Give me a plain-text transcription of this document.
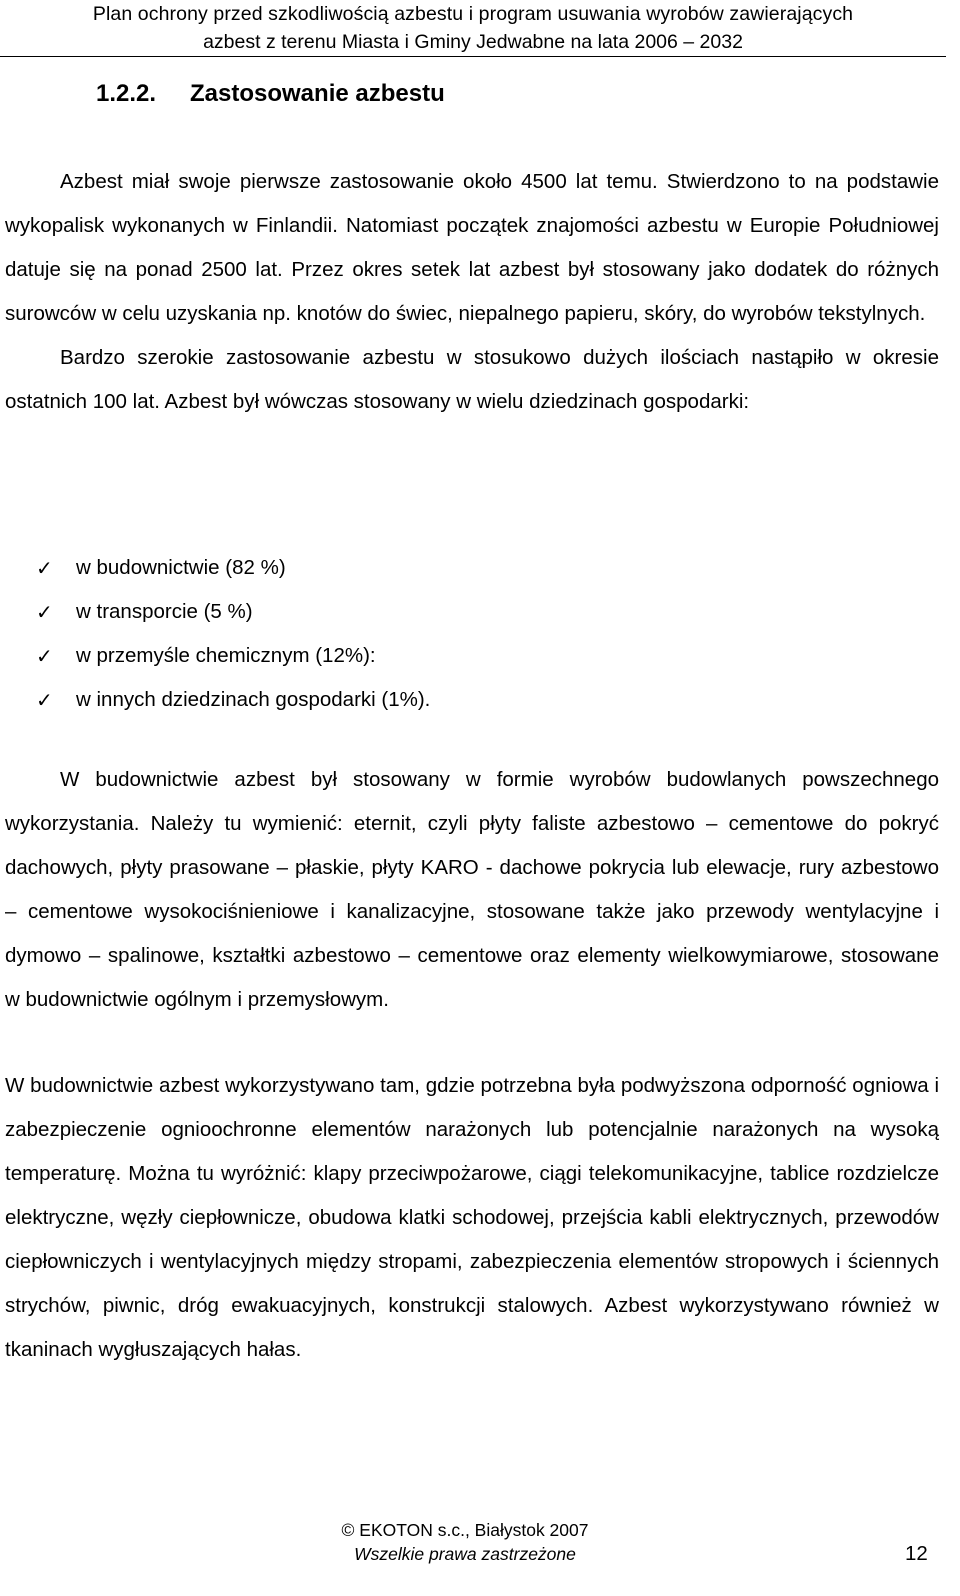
Plan ochrony przed szkodliwością azbestu i program usuwania wyrobów zawierających
azbest z terenu Miasta i Gminy Jedwabne na lata 2006 – 2032
1.2.2. Zastosowanie azbestu

Azbest miał swoje pierwsze zastosowanie około 4500 lat temu. Stwierdzono to na podstawie wykopalisk wykonanych w Finlandii. Natomiast początek znajomości azbestu w Europie Południowej datuje się na ponad 2500 lat. Przez okres setek lat azbest był stosowany jako dodatek do różnych surowców w celu uzyskania np. knotów do świec, niepalnego papieru, skóry, do wyrobów tekstylnych.

Bardzo szerokie zastosowanie azbestu w stosukowo dużych ilościach nastąpiło w okresie ostatnich 100 lat. Azbest był wówczas stosowany w wielu dziedzinach gospodarki:

✓ w budownictwie (82 %)
✓ w transporcie (5 %)
✓ w przemyśle chemicznym (12%):
✓ w innych dziedzinach gospodarki (1%).

W budownictwie azbest był stosowany w formie wyrobów budowlanych powszechnego wykorzystania. Należy tu wymienić: eternit, czyli płyty faliste azbestowo – cementowe do pokryć dachowych, płyty prasowane – płaskie, płyty KARO - dachowe pokrycia lub elewacje, rury azbestowo – cementowe wysokociśnieniowe i kanalizacyjne, stosowane także jako przewody wentylacyjne i dymowo – spalinowe, kształtki azbestowo – cementowe oraz elementy wielkowymiarowe, stosowane w budownictwie ogólnym i przemysłowym.

W budownictwie azbest wykorzystywano tam, gdzie potrzebna była podwyższona odporność ogniowa i zabezpieczenie ognioochronne elementów narażonych lub potencjalnie narażonych na wysoką temperaturę. Można tu wyróżnić: klapy przeciwpożarowe, ciągi telekomunikacyjne, tablice rozdzielcze elektryczne, węzły ciepłownicze, obudowa klatki schodowej, przejścia kabli elektrycznych, przewodów ciepłowniczych i wentylacyjnych między stropami, zabezpieczenia elementów stropowych i ściennych strychów, piwnic, dróg ewakuacyjnych, konstrukcji stalowych. Azbest wykorzystywano również w tkaninach wygłuszających hałas.

© EKOTON s.c., Białystok 2007
Wszelkie prawa zastrzeżone	12
